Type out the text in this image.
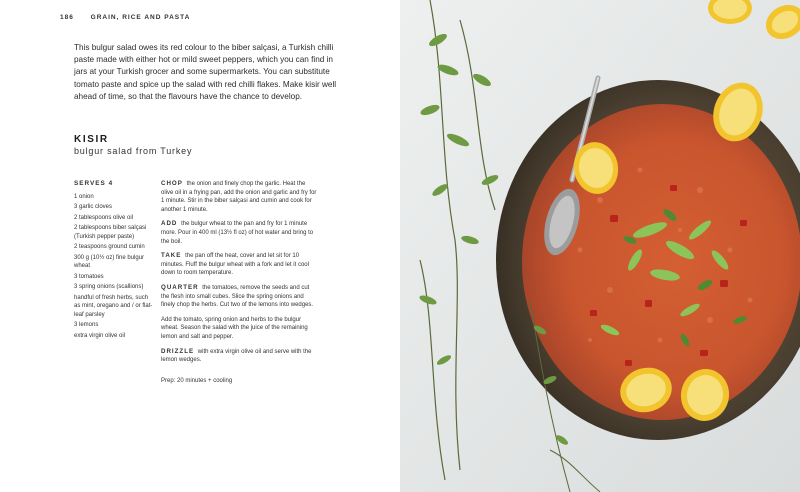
186	GRAIN, RICE AND PASTA

This bulgur salad owes its red colour to the biber salçasi, a Turkish chilli paste made with either hot or mild sweet peppers, which you can find in jars at your Turkish grocer and some supermarkets. You can substitute tomato paste and spice up the salad with red chilli flakes. Make kisir well ahead of time, so that the flavours have the chance to develop.

KISIR
bulgur salad from Turkey
SERVES 4
1 onion
3 garlic cloves
2 tablespoons olive oil
2 tablespoons biber salçasi (Turkish pepper paste)
2 teaspoons ground cumin
300 g (10½ oz) fine bulgur wheat
3 tomatoes
3 spring onions (scallions)
handful of fresh herbs, such as mint, oregano and / or flat-leaf parsley
3 lemons
extra virgin olive oil

CHOP the onion and finely chop the garlic. Heat the olive oil in a frying pan, add the onion and garlic and fry for 1 minute. Stir in the biber salçasi and cumin and cook for another 1 minute.

ADD the bulgur wheat to the pan and fry for 1 minute more. Pour in 400 ml (13½ fl oz) of hot water and bring to the boil.

TAKE the pan off the heat, cover and let sit for 10 minutes. Fluff the bulgur wheat with a fork and let it cool down to room temperature.

QUARTER the tomatoes, remove the seeds and cut the flesh into small cubes. Slice the spring onions and finely chop the herbs. Cut two of the lemons into wedges.

Add the tomato, spring onion and herbs to the bulgur wheat. Season the salad with the juice of the remaining lemon and salt and pepper.

DRIZZLE with extra virgin olive oil and serve with the lemon wedges.

Prep: 20 minutes + cooling
